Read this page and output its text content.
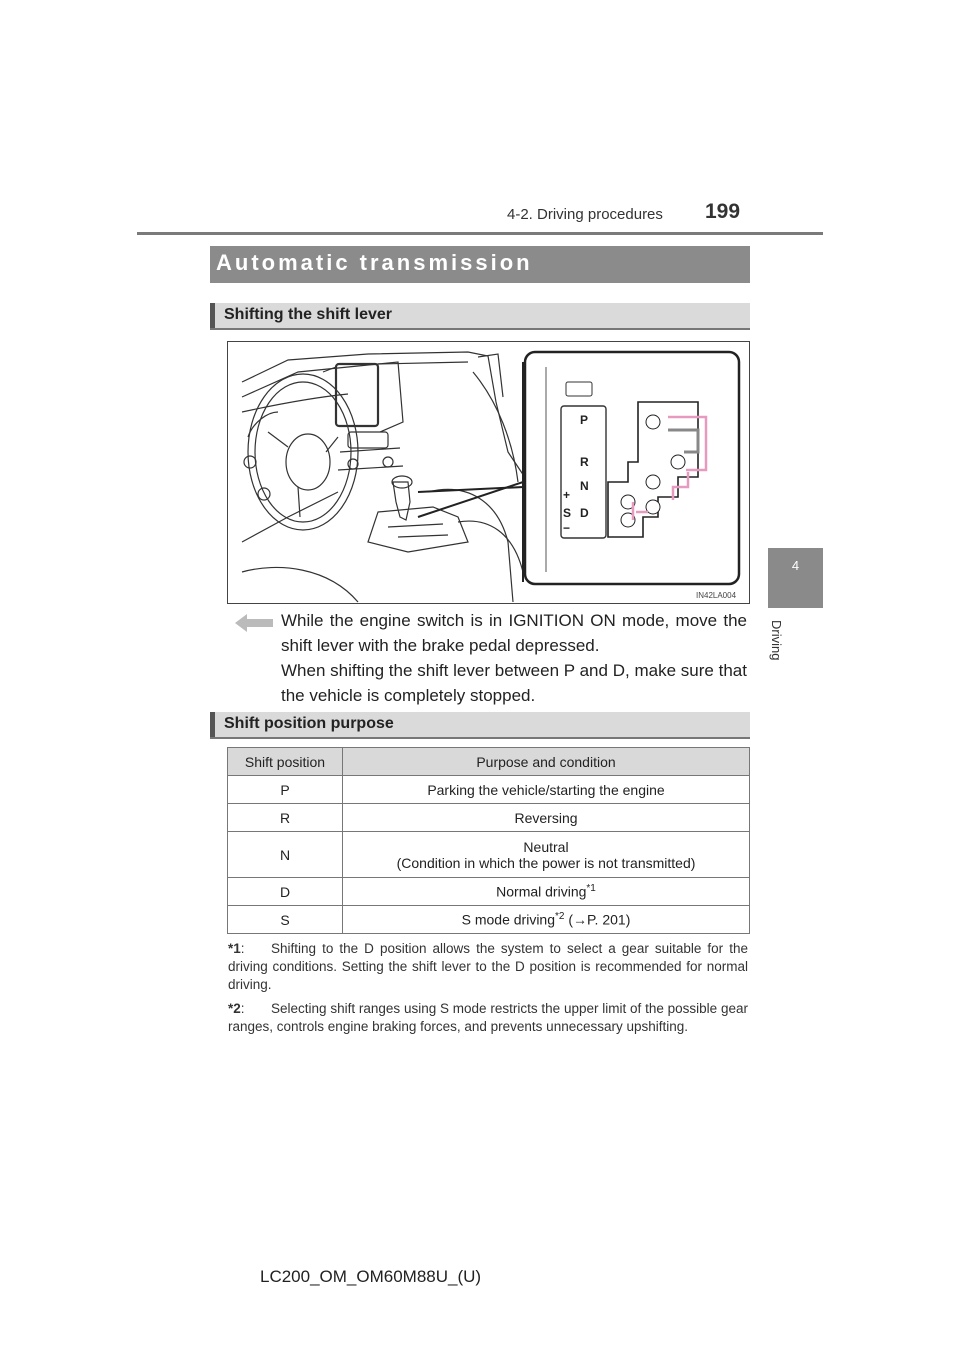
4-2. Driving procedures 199
4
Driving
Automatic transmission
Shifting the shift lever
P
R
N
+
S D
−
IN42LA004
While the engine switch is in IGNITION ON mode, move the shift lever with the brake pedal depressed.
When shifting the shift lever between P and D, make sure that the vehicle is completely stopped.
Shift position purpose
Shift position	Purpose and condition
P	Parking the vehicle/starting the engine
R	Reversing
N	Neutral
(Condition in which the power is not transmitted)

D	Normal driving$^{*1}$
S	S mode driving$^{*2}$ (→P. 201)
*1: Shifting to the D position allows the system to select a gear suitable for the driving conditions. Setting the shift lever to the D position is recommended for normal driving.
*2: Selecting shift ranges using S mode restricts the upper limit of the possible gear ranges, controls engine braking forces, and prevents unnecessary upshifting.
LC200_OM_OM60M88U_(U)
